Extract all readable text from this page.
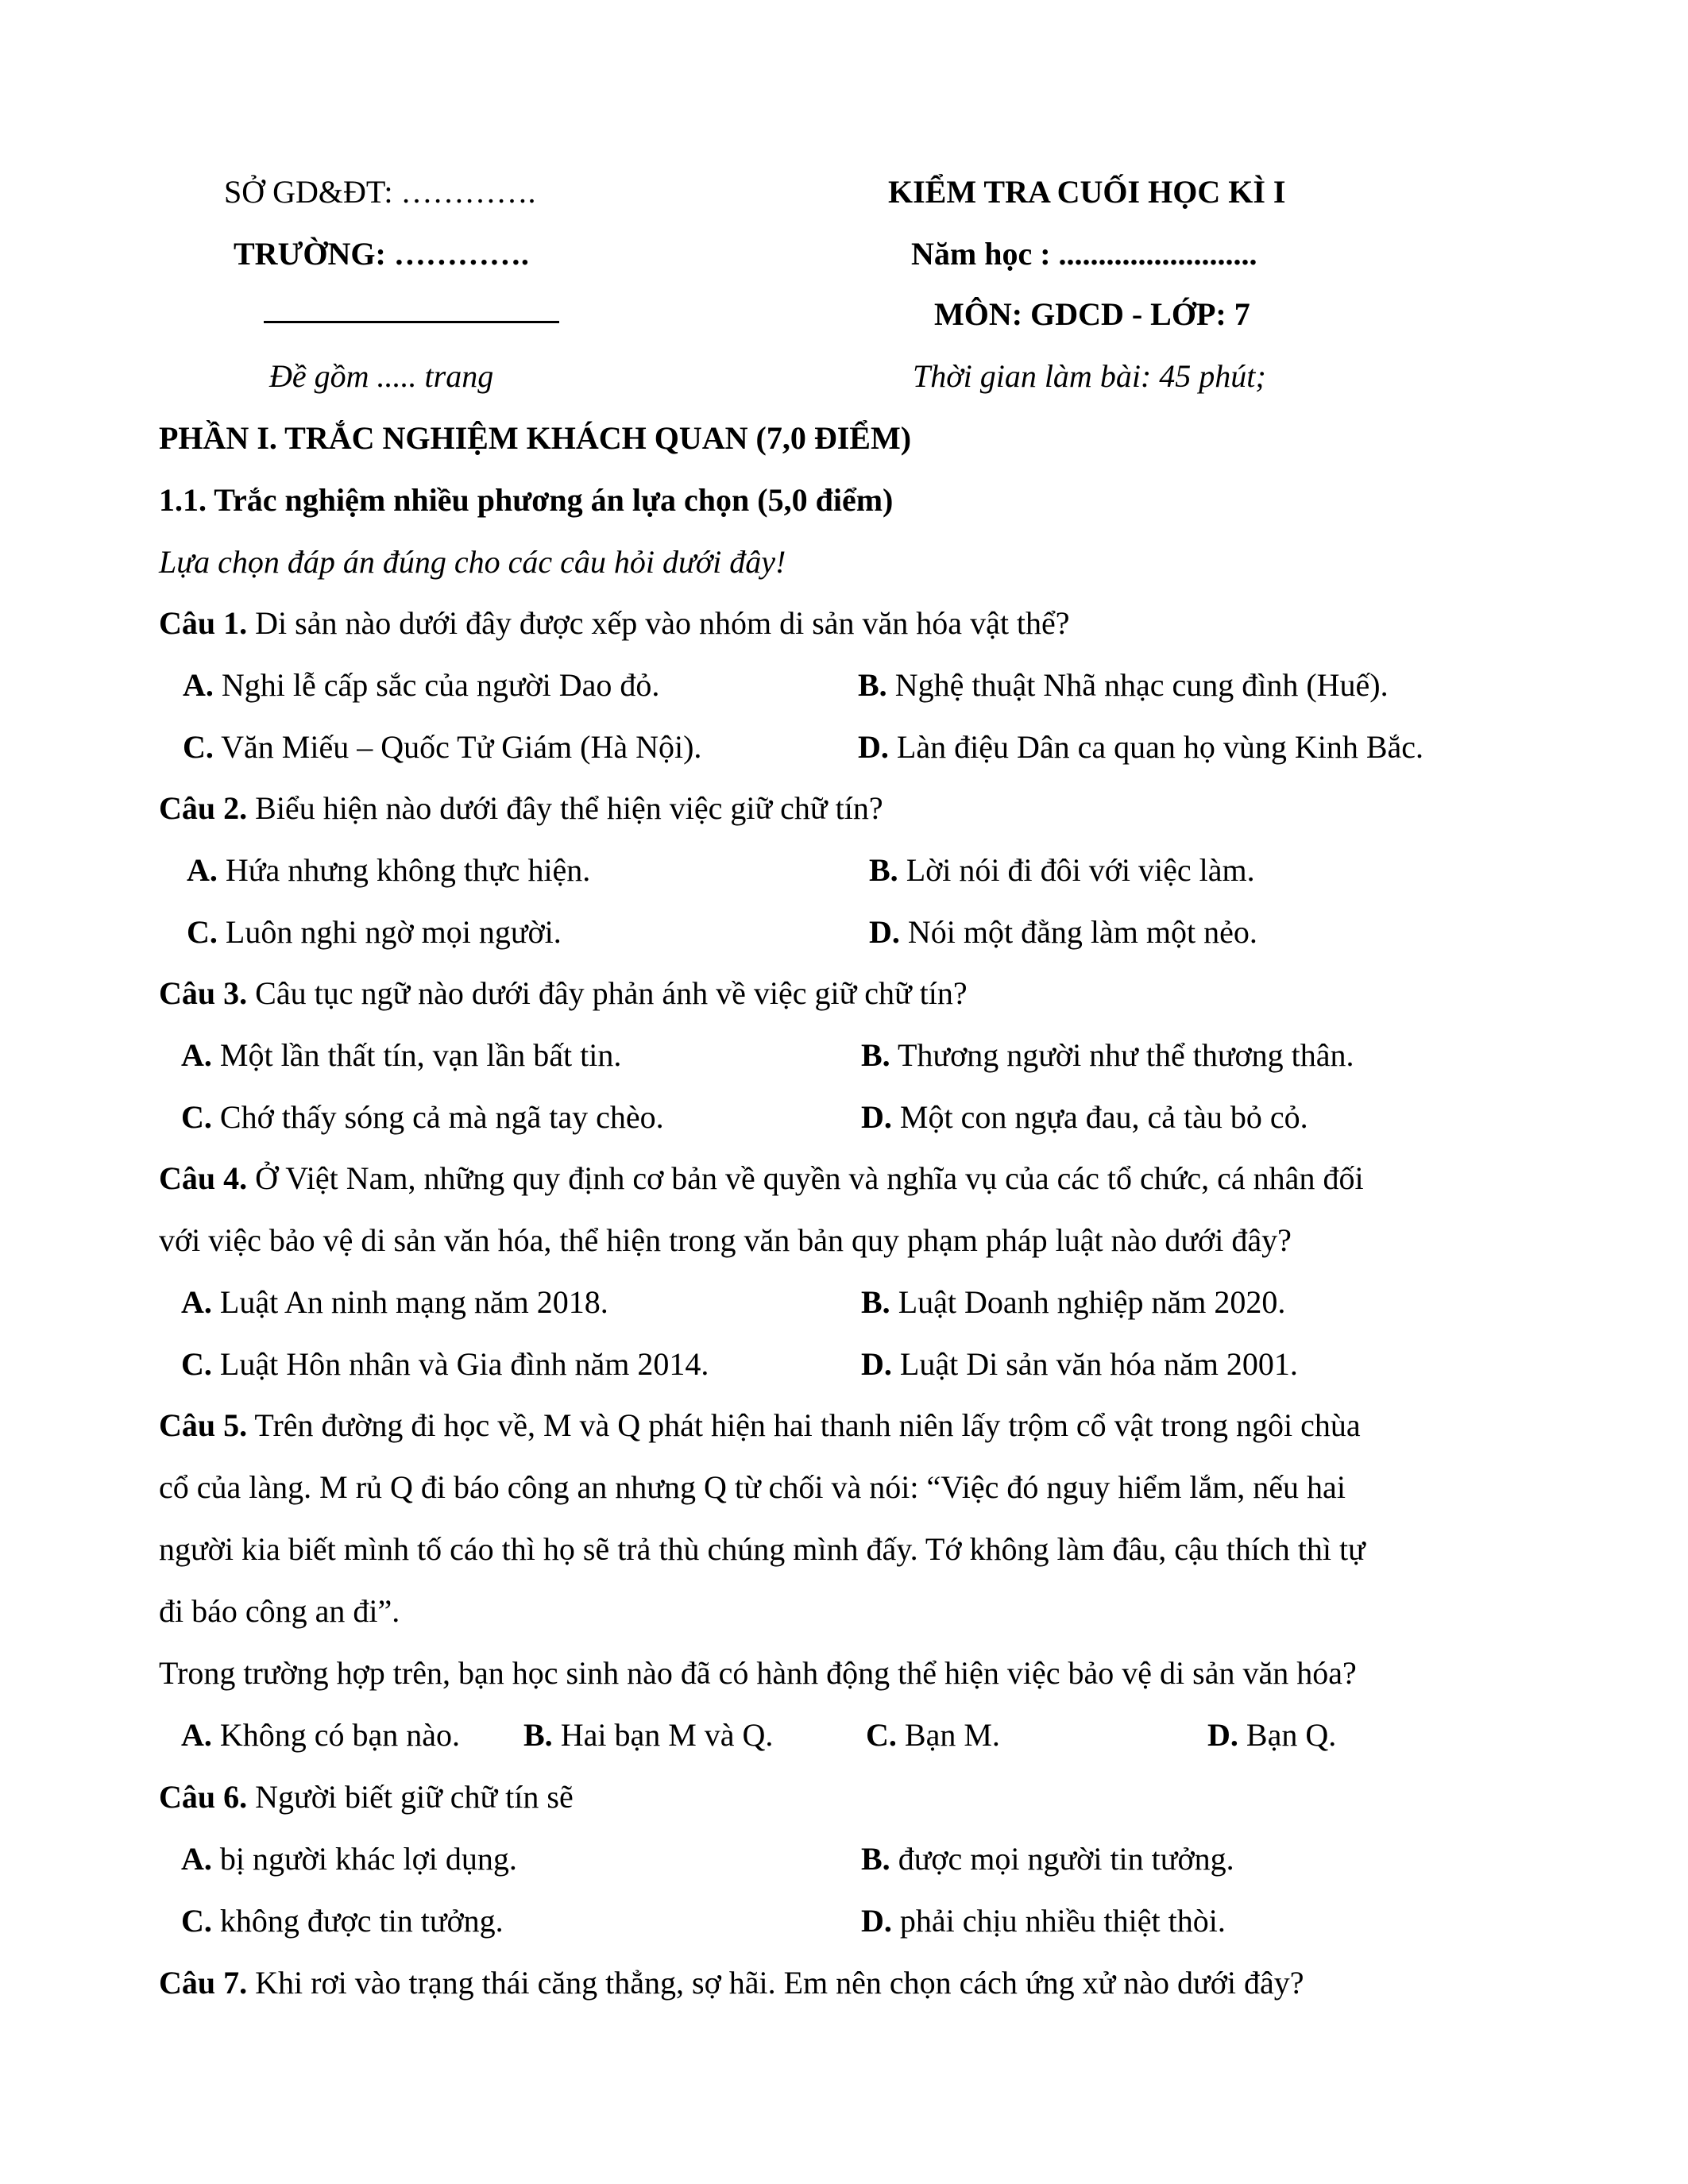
SỞ GD&ĐT: ………….
TRƯỜNG: ………….
Đề gồm ..... trang
KIỂM TRA CUỐI HỌC KÌ I
Năm học : .........................
MÔN: GDCD - LỚP: 7
Thời gian làm bài: 45 phút;
PHẦN I. TRẮC NGHIỆM KHÁCH QUAN (7,0 ĐIỂM)
1.1. Trắc nghiệm nhiều phương án lựa chọn (5,0 điểm)
Lựa chọn đáp án đúng cho các câu hỏi dưới đây!
Câu 1. Di sản nào dưới đây được xếp vào nhóm di sản văn hóa vật thể?
A. Nghi lễ cấp sắc của người Dao đỏ.	B. Nghệ thuật Nhã nhạc cung đình (Huế).
C. Văn Miếu – Quốc Tử Giám (Hà Nội).	D. Làn điệu Dân ca quan họ vùng Kinh Bắc.
Câu 2. Biểu hiện nào dưới đây thể hiện việc giữ chữ tín?
A. Hứa nhưng không thực hiện.	B. Lời nói đi đôi với việc làm.
C. Luôn nghi ngờ mọi người.	D. Nói một đằng làm một nẻo.
Câu 3. Câu tục ngữ nào dưới đây phản ánh về việc giữ chữ tín?
A. Một lần thất tín, vạn lần bất tin.	B. Thương người như thể thương thân.
C. Chớ thấy sóng cả mà ngã tay chèo.	D. Một con ngựa đau, cả tàu bỏ cỏ.
Câu 4. Ở Việt Nam, những quy định cơ bản về quyền và nghĩa vụ của các tổ chức, cá nhân đối
với việc bảo vệ di sản văn hóa, thể hiện trong văn bản quy phạm pháp luật nào dưới đây?
A. Luật An ninh mạng năm 2018.	B. Luật Doanh nghiệp năm 2020.
C. Luật Hôn nhân và Gia đình năm 2014.	D. Luật Di sản văn hóa năm 2001.
Câu 5. Trên đường đi học về, M và Q phát hiện hai thanh niên lấy trộm cổ vật trong ngôi chùa
cổ của làng. M rủ Q đi báo công an nhưng Q từ chối và nói: “Việc đó nguy hiểm lắm, nếu hai
người kia biết mình tố cáo thì họ sẽ trả thù chúng mình đấy. Tớ không làm đâu, cậu thích thì tự
đi báo công an đi”.
Trong trường hợp trên, bạn học sinh nào đã có hành động thể hiện việc bảo vệ di sản văn hóa?
A. Không có bạn nào. B. Hai bạn M và Q.	C. Bạn M.	D. Bạn Q.
Câu 6. Người biết giữ chữ tín sẽ
A. bị người khác lợi dụng.	B. được mọi người tin tưởng.
C. không được tin tưởng.	D. phải chịu nhiều thiệt thòi.
Câu 7. Khi rơi vào trạng thái căng thẳng, sợ hãi. Em nên chọn cách ứng xử nào dưới đây?
